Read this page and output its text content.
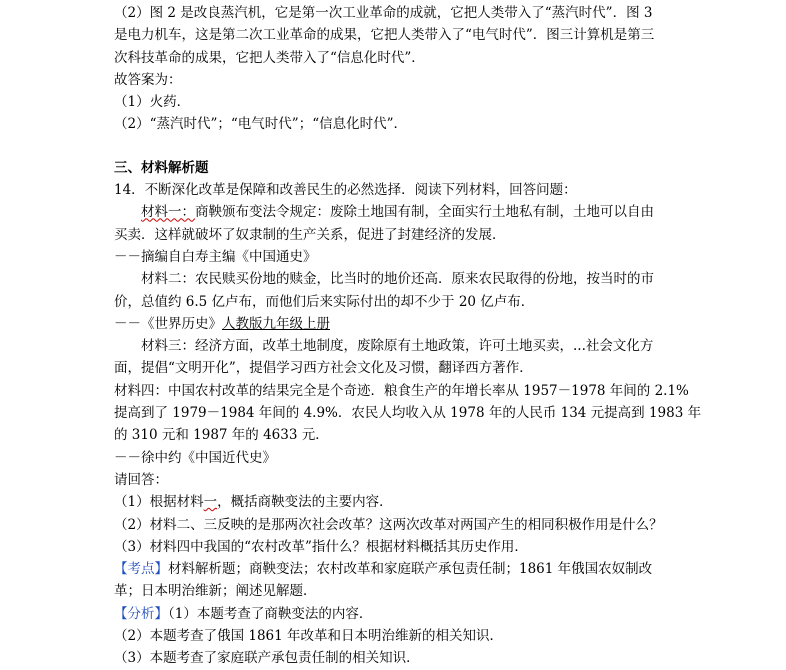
（2）图 2 是改良蒸汽机，它是第一次工业革命的成就，它把人类带入了“蒸汽时代”．图 3
是电力机车，这是第二次工业革命的成果，它把人类带入了“电气时代”．图三计算机是第三
次科技革命的成果，它把人类带入了“信息化时代”．
故答案为：
（1）火药．
（2）“蒸汽时代”；“电气时代”；“信息化时代”．
三、材料解析题
14．不断深化改革是保障和改善民生的必然选择．阅读下列材料，回答问题：
材料一：商鞅颁布变法令规定：废除土地国有制，全面实行土地私有制，土地可以自由
买卖．这样就破坏了奴隶制的生产关系，促进了封建经济的发展．
－－摘编自白寿主编《中国通史》
材料二：农民赎买份地的赎金，比当时的地价还高．原来农民取得的份地，按当时的市
价，总值约 6.5 亿卢布，而他们后来实际付出的却不少于 20 亿卢布．
－－《世界历史》人教版九年级上册
材料三：经济方面，改革土地制度，废除原有土地政策，许可土地买卖，...社会文化方
面，提倡“文明开化”，提倡学习西方社会文化及习惯，翻译西方著作．
材料四：中国农村改革的结果完全是个奇迹．粮食生产的年增长率从 1957－1978 年间的 2.1%
提高到了 1979－1984 年间的 4.9%．农民人均收入从 1978 年的人民币 134 元提高到 1983 年
的 310 元和 1987 年的 4633 元．
－－徐中约《中国近代史》
请回答：
（1）根据材料一，概括商鞅变法的主要内容．
（2）材料二、三反映的是那两次社会改革？这两次改革对两国产生的相同积极作用是什么？
（3）材料四中我国的“农村改革”指什么？根据材料概括其历史作用．
【考点】材料解析题；商鞅变法；农村改革和家庭联产承包责任制；1861 年俄国农奴制改
革；日本明治维新；阐述见解题．
【分析】（1）本题考查了商鞅变法的内容．
（2）本题考查了俄国 1861 年改革和日本明治维新的相关知识．
（3）本题考查了家庭联产承包责任制的相关知识．
